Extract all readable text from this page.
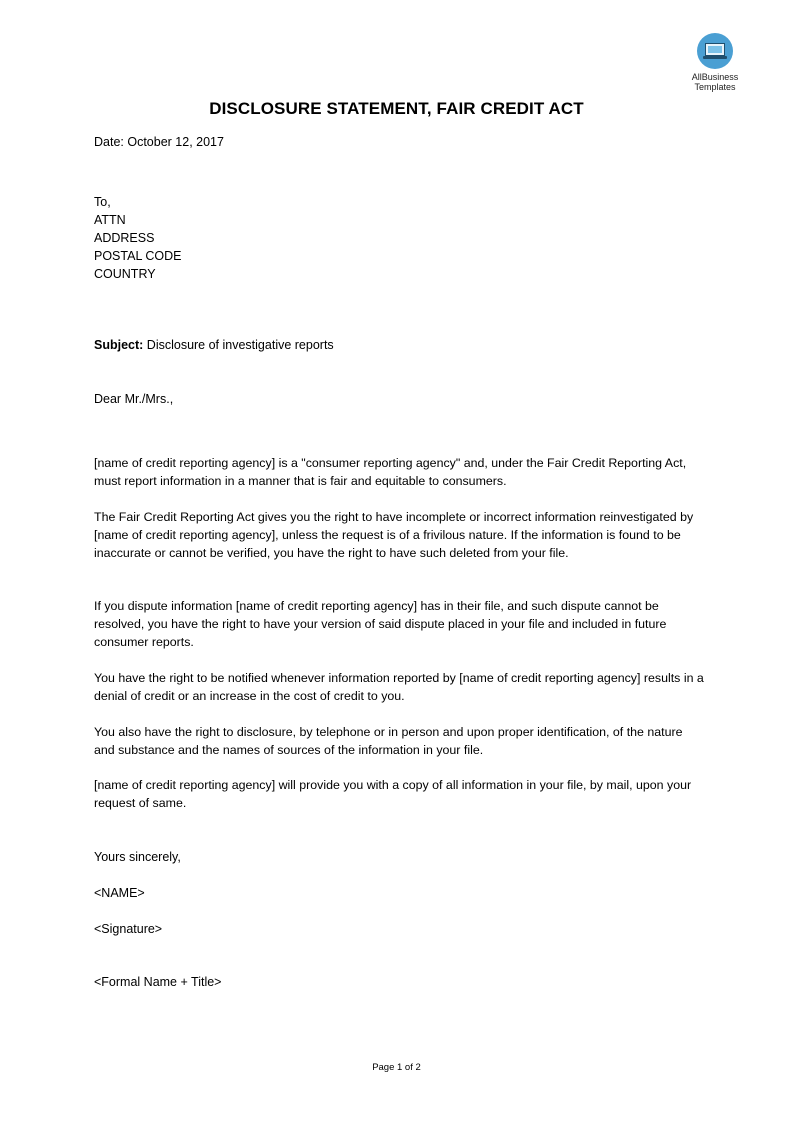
AllBusiness
Templates
DISCLOSURE STATEMENT, FAIR CREDIT ACT
Date: October 12, 2017
To,
ATTN
ADDRESS
POSTAL CODE
COUNTRY
Subject: Disclosure of investigative reports
Dear Mr./Mrs.,
[name of credit reporting agency] is a "consumer reporting agency" and, under the Fair Credit Reporting Act, must report information in a manner that is fair and equitable to consumers.
The Fair Credit Reporting Act gives you the right to have incomplete or incorrect information reinvestigated by [name of credit reporting agency], unless the request is of a frivilous nature. If the information is found to be inaccurate or cannot be verified, you have the right to have such deleted from your file.
If you dispute information [name of credit reporting agency] has in their file, and such dispute cannot be resolved, you have the right to have your version of said dispute placed in your file and included in future consumer reports.
You have the right to be notified whenever information reported by [name of credit reporting agency] results in a denial of credit or an increase in the cost of credit to you.
You also have the right to disclosure, by telephone or in person and upon proper identification, of the nature and substance and the names of sources of the information in your file.
[name of credit reporting agency] will provide you with a copy of all information in your file, by mail, upon your request of same.
Yours sincerely,
<NAME>
<Signature>
<Formal Name + Title>
Page 1 of 2
